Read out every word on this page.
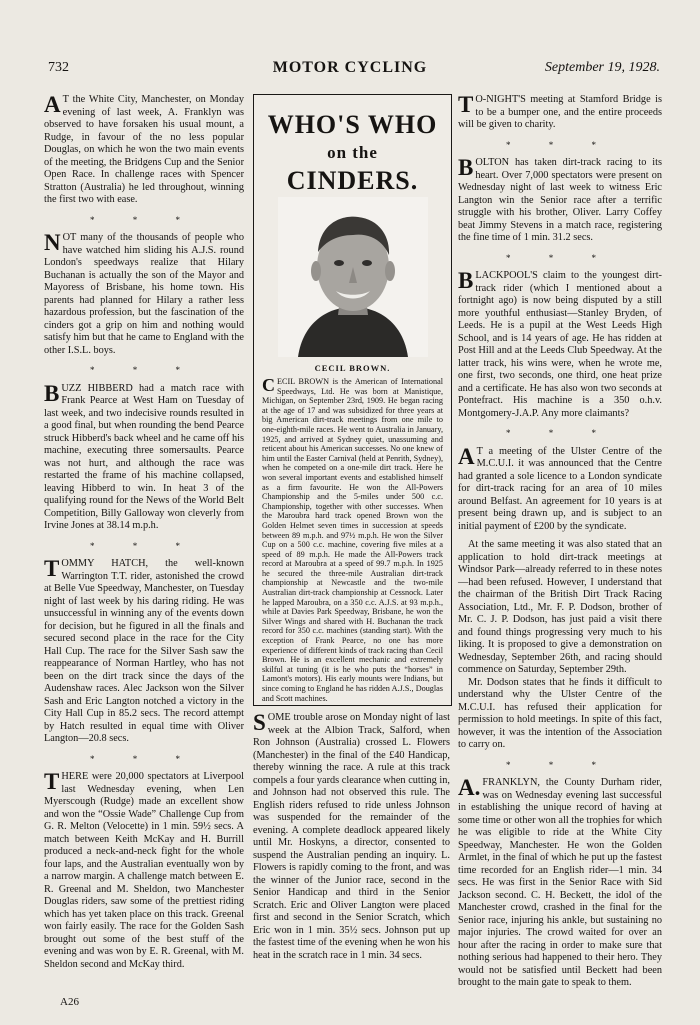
732	MOTOR CYCLING	September 19, 1928.

AT the White City, Manchester, on Monday evening of last week, A. Franklyn was observed to have forsaken his usual mount, a Rudge, in favour of the no less popular Douglas, on which he won the two main events of the meeting, the Bridgens Cup and the Senior Open Race. In challenge races with Spencer Stratton (Australia) he led throughout, winning the first two with ease.

* * *

NOT many of the thousands of people who have watched him sliding his A.J.S. round London's speedways realize that Hilary Buchanan is actually the son of the Mayor and Mayoress of Brisbane, his home town. His parents had planned for Hilary a rather less hazardous profession, but the fascination of the cinders got a grip on him and nothing would satisfy him but that he came to England with the other I.S.L. boys.

* * *

BUZZ HIBBERD had a match race with Frank Pearce at West Ham on Tuesday of last week, and two indecisive rounds resulted in a good final, but when rounding the bend Pearce struck Hibberd's back wheel and he came off his machine, executing three somersaults. Pearce was not hurt, and although the race was restarted the frame of his machine collapsed, leaving Hibberd to win. In heat 3 of the qualifying round for the News of the World Belt Competition, Billy Galloway won cleverly from Irvine Jones at 38.14 m.p.h.

* * *

TOMMY HATCH, the well-known Warrington T.T. rider, astonished the crowd at Belle Vue Speedway, Manchester, on Tuesday night of last week by his daring riding. He was unsuccessful in winning any of the events down for decision, but he figured in all the finals and secured second place in the race for the City Hall Cup. The race for the Silver Sash saw the reappearance of Norman Hartley, who has not been on the dirt track since the days of the Audenshaw races. Alec Jackson won the Silver Sash and Eric Langton notched a victory in the City Hall Cup in 85.2 secs. The record attempt by Hatch resulted in equal time with Oliver Langton—20.8 secs.

* * *

THERE were 20,000 spectators at Liverpool last Wednesday evening, when Len Myerscough (Rudge) made an excellent show and won the “Ossie Wade” Challenge Cup from G. R. Melton (Velocette) in 1 min. 59½ secs. A match between Keith McKay and H. Burrill produced a neck-and-neck fight for the whole four laps, and the Australian eventually won by a narrow margin. A challenge match between E. R. Greenal and M. Sheldon, two Manchester Douglas riders, saw some of the prettiest riding which has yet taken place on this track. Greenal won fairly easily. The race for the Golden Sash brought out some of the best stuff of the evening and was won by E. R. Greenal, with M. Sheldon second and McKay third.

WHO'S WHO
on the
CINDERS.
CECIL BROWN.
CECIL BROWN is the American of International Speedways, Ltd. He was born at Manistique, Michigan, on September 23rd, 1909. He began racing at the age of 17 and was subsidized for three years at big American dirt-track meetings from one mile to one-eighth-mile races. He went to Australia in January, 1925, and arrived at Sydney quiet, unassuming and reticent about his American successes. No one knew of him until the Easter Carnival (held at Penrith, Sydney), when he competed on a one-mile dirt track. Here he won several important events and established himself as a firm favourite. He won the All-Powers Championship and the 5-miles under 500 c.c. Championship, together with other successes. When the Maroubra hard track opened Brown won the Golden Helmet seven times in succession at speeds between 89 m.p.h. and 97½ m.p.h. He won the Silver Cup on a 500 c.c. machine, covering five miles at a speed of 89 m.p.h. He made the All-Powers track record at Maroubra at a speed of 99.7 m.p.h. In 1925 he secured the three-mile Australian dirt-track championship at Newcastle and the two-mile Australian dirt-track championship at Cessnock. Later he lapped Maroubra, on a 350 c.c. A.J.S. at 93 m.p.h., while at Davies Park Speedway, Brisbane, he won the Silver Wings and shared with H. Buchanan the track record for 350 c.c. machines (standing start). With the exception of Frank Pearce, no one has more experience of different kinds of track racing than Cecil Brown. He is an excellent mechanic and extremely skilful at tuning (it is he who puts the “horses” in Lamont's motors). His early mounts were Indians, but since coming to England he has ridden A.J.S., Douglas and Scott machines.

SOME trouble arose on Monday night of last week at the Albion Track, Salford, when Ron Johnson (Australia) crossed L. Flowers (Manchester) in the final of the £40 Handicap, thereby winning the race. A rule at this track compels a four yards clearance when cutting in, and Johnson had not observed this rule. The English riders refused to ride unless Johnson was suspended for the remainder of the evening. A complete deadlock appeared likely until Mr. Hoskyns, a director, consented to suspend the Australian pending an inquiry. L. Flowers is rapidly coming to the front, and was the winner of the Junior race, second in the Senior Handicap and third in the Senior Scratch. Eric and Oliver Langton were placed first and second in the Senior Scratch, which Eric won in 1 min. 35½ secs. Johnson put up the fastest time of the evening when he won his heat in the scratch race in 1 min. 34 secs.

TO-NIGHT'S meeting at Stamford Bridge is to be a bumper one, and the entire proceeds will be given to charity.

* * *

BOLTON has taken dirt-track racing to its heart. Over 7,000 spectators were present on Wednesday night of last week to witness Eric Langton win the Senior race after a terrific struggle with his brother, Oliver. Larry Coffey beat Jimmy Stevens in a match race, registering the fine time of 1 min. 31.2 secs.

* * *

BLACKPOOL'S claim to the youngest dirt-track rider (which I mentioned about a fortnight ago) is now being disputed by a still more youthful enthusiast—Stanley Bryden, of Leeds. He is a pupil at the West Leeds High School, and is 14 years of age. He has ridden at Post Hill and at the Leeds Club Speedway. At the latter track, his wins were, when he wrote me, one first, two seconds, one third, one heat prize and a certificate. He has also won two seconds at Pontefract. His machine is a 350 o.h.v. Montgomery-J.A.P. Any more claimants?

* * *

AT a meeting of the Ulster Centre of the M.C.U.I. it was announced that the Centre had granted a sole licence to a London syndicate for dirt-track racing for an area of 10 miles around Belfast. An agreement for 10 years is at present being drawn up, and is subject to an initial payment of £200 by the syndicate.

At the same meeting it was also stated that an application to hold dirt-track meetings at Windsor Park—already referred to in these notes—had been refused. However, I understand that the chairman of the British Dirt Track Racing Association, Ltd., Mr. F. P. Dodson, brother of Mr. C. J. P. Dodson, has just paid a visit there and found things progressing very much to his liking. It is proposed to give a demonstration on Wednesday, September 26th, and racing should commence on Saturday, September 29th.

Mr. Dodson states that he finds it difficult to understand why the Ulster Centre of the M.C.U.I. has refused their application for permission to hold meetings. In spite of this fact, however, it was the intention of the Association to carry on.

* * *

A.FRANKLYN, the County Durham rider, was on Wednesday evening last successful in establishing the unique record of having at some time or other won all the trophies for which he was eligible to ride at the White City Speedway, Manchester. He won the Golden Armlet, in the final of which he put up the fastest time recorded for an English rider—1 min. 34 secs. He was first in the Senior Race with Sid Jackson second. C. H. Beckett, the idol of the Manchester crowd, crashed in the final for the Senior race, injuring his ankle, but sustaining no major injuries. The crowd waited for over an hour after the racing in order to make sure that nothing serious had happened to their hero. They would not be satisfied until Beckett had been brought to the main gate to speak to them.

A26
